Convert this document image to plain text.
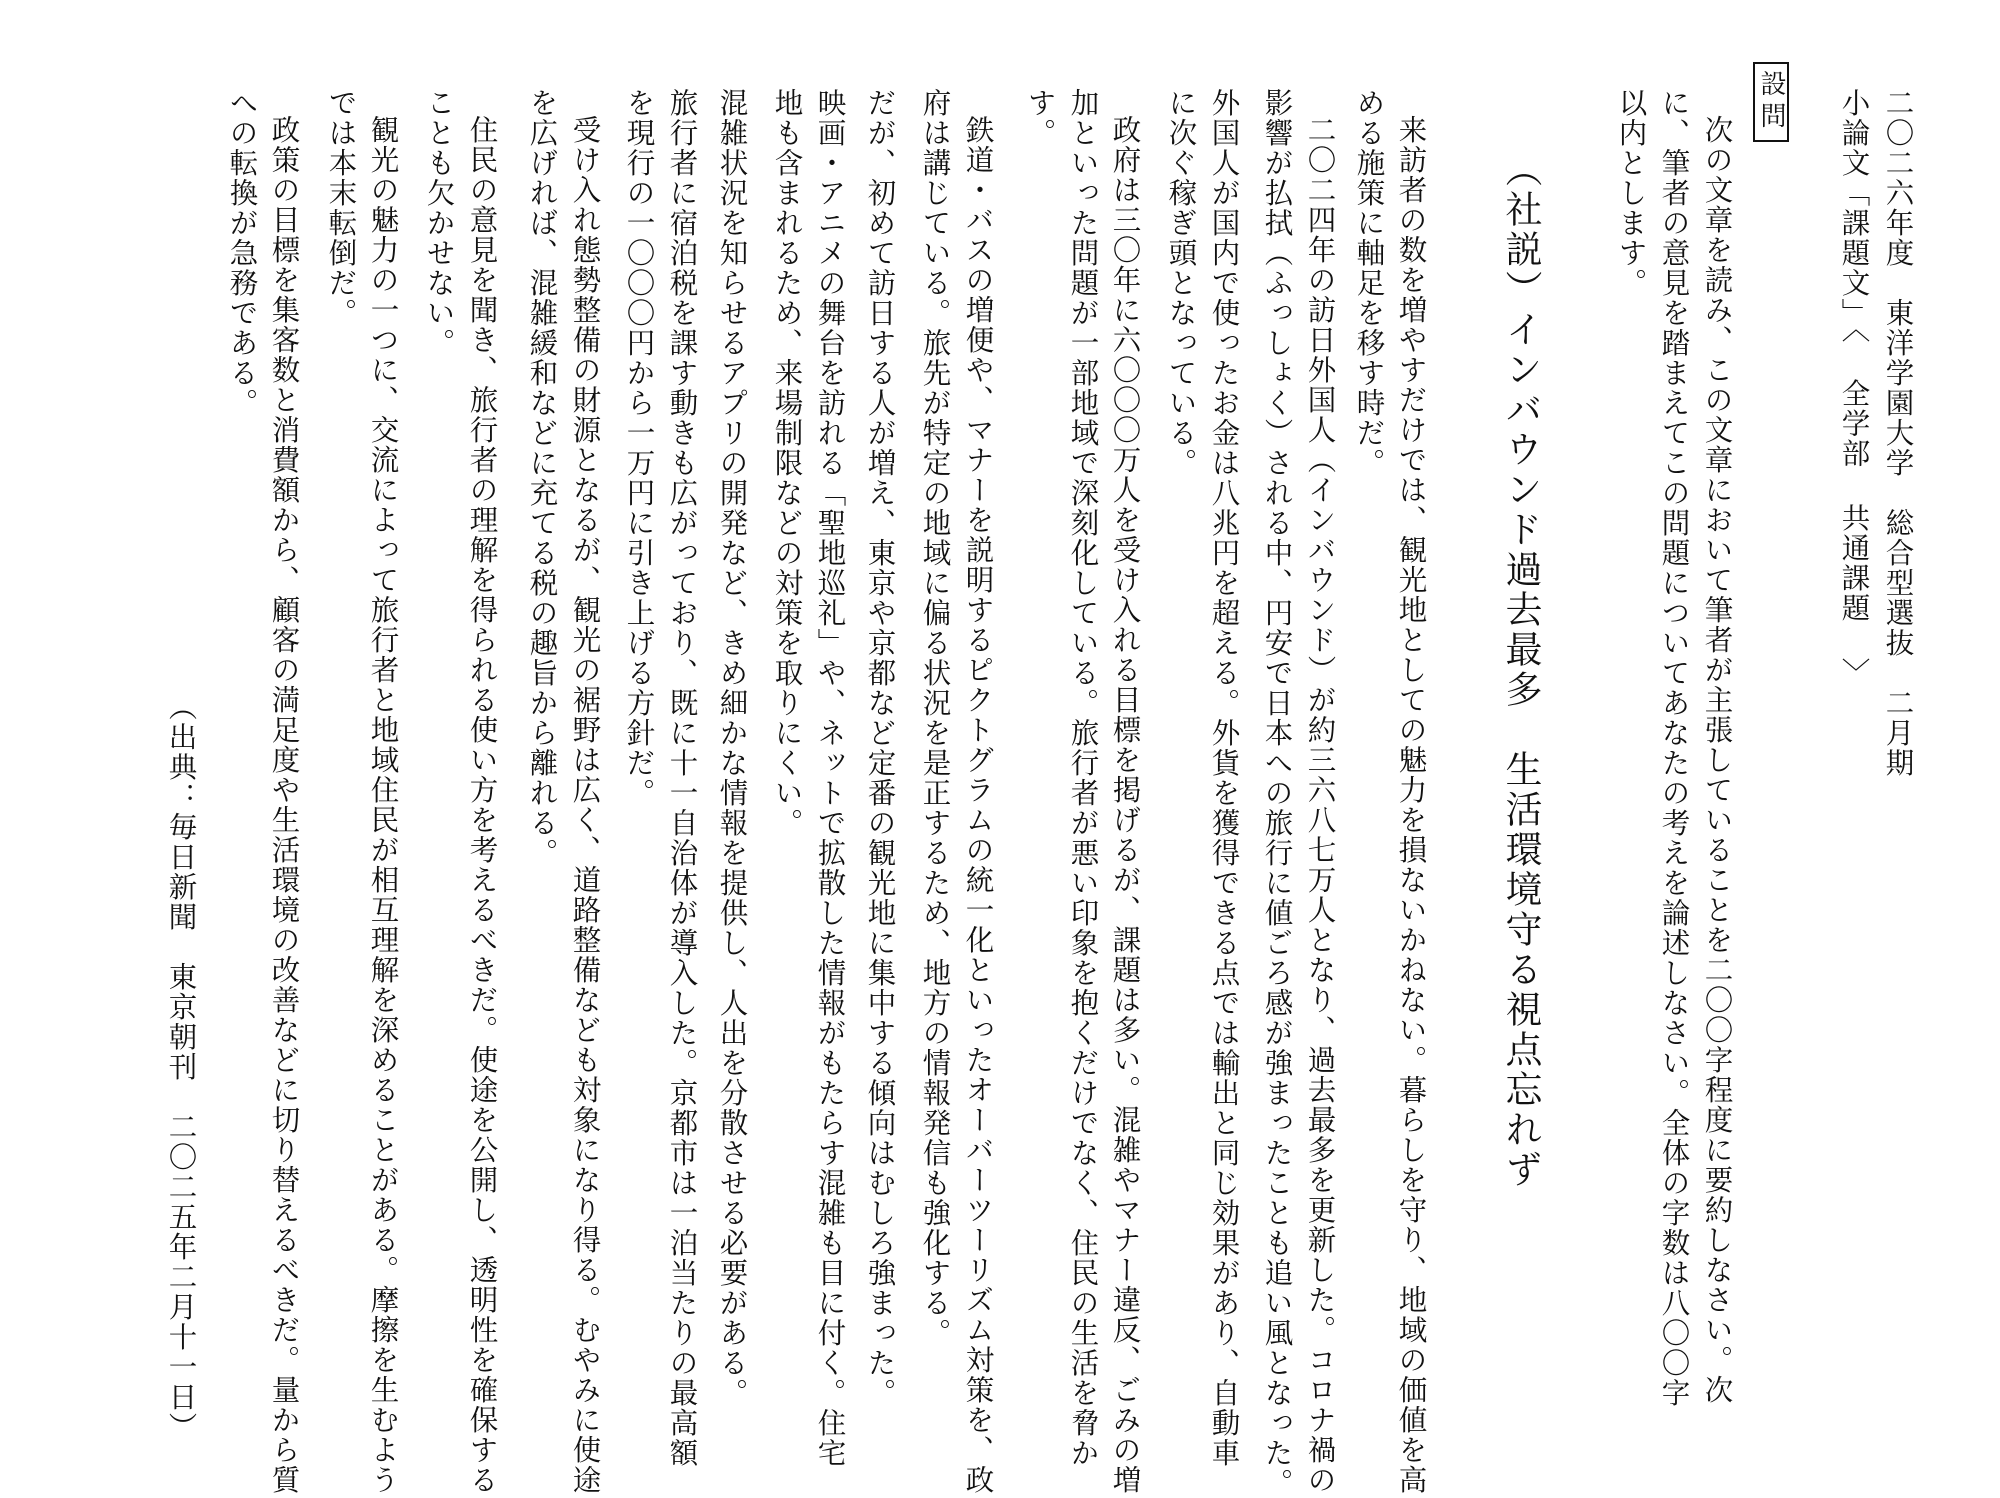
二〇二六年度　東洋学園大学　総合型選抜　二月期
小論文「課題文」〈 全学部 共通課題 〉
設問
次の文章を読み、この文章において筆者が主張していることを二〇〇字程度に要約しなさい。次
に、筆者の意見を踏まえてこの問題についてあなたの考えを論述しなさい。全体の字数は八〇〇字
以内とします。
（社説）インバウンド過去最多　生活環境守る視点忘れず
来訪者の数を増やすだけでは、観光地としての魅力を損ないかねない。暮らしを守り、地域の価値を高
める施策に軸足を移す時だ。
二〇二四年の訪日外国人（インバウンド）が約三六八七万人となり、過去最多を更新した。コロナ禍の
影響が払拭（ふっしょく）される中、円安で日本への旅行に値ごろ感が強まったことも追い風となった。
外国人が国内で使ったお金は八兆円を超える。外貨を獲得できる点では輸出と同じ効果があり、自動車
に次ぐ稼ぎ頭となっている。
政府は三〇年に六〇〇〇万人を受け入れる目標を掲げるが、課題は多い。混雑やマナー違反、ごみの増
加といった問題が一部地域で深刻化している。旅行者が悪い印象を抱くだけでなく、住民の生活を脅か
す。
鉄道・バスの増便や、マナーを説明するピクトグラムの統一化といったオーバーツーリズム対策を、政
府は講じている。旅先が特定の地域に偏る状況を是正するため、地方の情報発信も強化する。
だが、初めて訪日する人が増え、東京や京都など定番の観光地に集中する傾向はむしろ強まった。
映画・アニメの舞台を訪れる「聖地巡礼」や、ネットで拡散した情報がもたらす混雑も目に付く。住宅
地も含まれるため、来場制限などの対策を取りにくい。
混雑状況を知らせるアプリの開発など、きめ細かな情報を提供し、人出を分散させる必要がある。
旅行者に宿泊税を課す動きも広がっており、既に十一自治体が導入した。京都市は一泊当たりの最高額
を現行の一〇〇〇円から一万円に引き上げる方針だ。
受け入れ態勢整備の財源となるが、観光の裾野は広く、道路整備なども対象になり得る。むやみに使途
を広げれば、混雑緩和などに充てる税の趣旨から離れる。
住民の意見を聞き、旅行者の理解を得られる使い方を考えるべきだ。使途を公開し、透明性を確保する
ことも欠かせない。
観光の魅力の一つに、交流によって旅行者と地域住民が相互理解を深めることがある。摩擦を生むよう
では本末転倒だ。
政策の目標を集客数と消費額から、顧客の満足度や生活環境の改善などに切り替えるべきだ。量から質
への転換が急務である。
（出典：毎日新聞　東京朝刊　二〇二五年二月十一日）
